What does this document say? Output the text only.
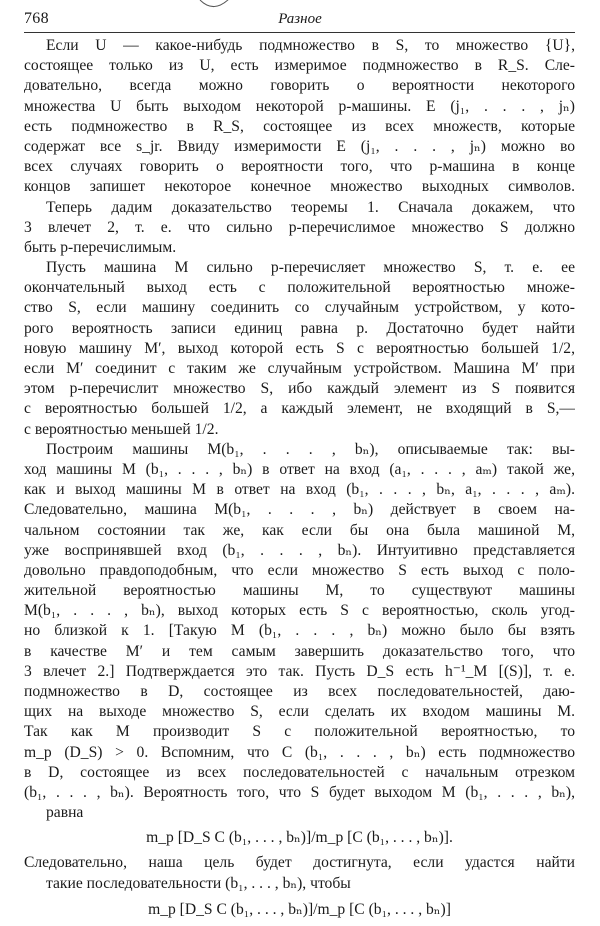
768	Разное
Если U — какое-нибудь подмножество в S, то множество {U},
состоящее только из U, есть измеримое подмножество в R_S. Сле-
довательно, всегда можно говорить о вероятности некоторого
множества U быть выходом некоторой p-машины. E (j₁, . . . , jₙ)
есть подмножество в R_S, состоящее из всех множеств, которые
содержат все s_jr. Ввиду измеримости E (j₁, . . . , jₙ) можно во
всех случаях говорить о вероятности того, что p-машина в конце
концов запишет некоторое конечное множество выходных символов.
Теперь дадим доказательство теоремы 1. Сначала докажем, что
3 влечет 2, т. е. что сильно p-перечислимое множество S должно
быть p-перечислимым.
Пусть машина M сильно p-перечисляет множество S, т. е. ее
окончательный выход есть с положительной вероятностью множе-
ство S, если машину соединить со случайным устройством, у кото-
рого вероятность записи единиц равна p. Достаточно будет найти
новую машину M′, выход которой есть S с вероятностью большей 1/2,
если M′ соединит с таким же случайным устройством. Машина M′ при
этом p-перечислит множество S, ибо каждый элемент из S появится
с вероятностью большей 1/2, а каждый элемент, не входящий в S,—
с вероятностью меньшей 1/2.
Построим машины M(b₁, . . . , bₙ), описываемые так: вы-
ход машины M (b₁, . . . , bₙ) в ответ на вход (a₁, . . . , aₘ) такой же,
как и выход машины M в ответ на вход (b₁, . . . , bₙ, a₁, . . . , aₘ).
Следовательно, машина M(b₁, . . . , bₙ) действует в своем на-
чальном состоянии так же, как если бы она была машиной M,
уже воспринявшей вход (b₁, . . . , bₙ). Интуитивно представляется
довольно правдоподобным, что если множество S есть выход с поло-
жительной вероятностью машины M, то существуют машины
M(b₁, . . . , bₙ), выход которых есть S с вероятностью, сколь угод-
но близкой к 1. [Такую M (b₁, . . . , bₙ) можно было бы взять
в качестве M′ и тем самым завершить доказательство того, что
3 влечет 2.] Подтверждается это так. Пусть D_S есть h⁻¹_M [(S)], т. е.
подмножество в D, состоящее из всех последовательностей, даю-
щих на выходе множество S, если сделать их входом машины M.
Так как M производит S с положительной вероятностью, то
m_p (D_S) > 0. Вспомним, что C (b₁, . . . , bₙ) есть подмножество
в D, состоящее из всех последовательностей с начальным отрезком
(b₁, . . . , bₙ). Вероятность того, что S будет выходом M (b₁, . . . , bₙ),
равна
m_p [D_S C (b₁, . . . , bₙ)]/m_p [C (b₁, . . . , bₙ)].
Следовательно, наша цель будет достигнута, если удастся найти
такие последовательности (b₁, . . . , bₙ), чтобы
m_p [D_S C (b₁, . . . , bₙ)]/m_p [C (b₁, . . . , bₙ)]
